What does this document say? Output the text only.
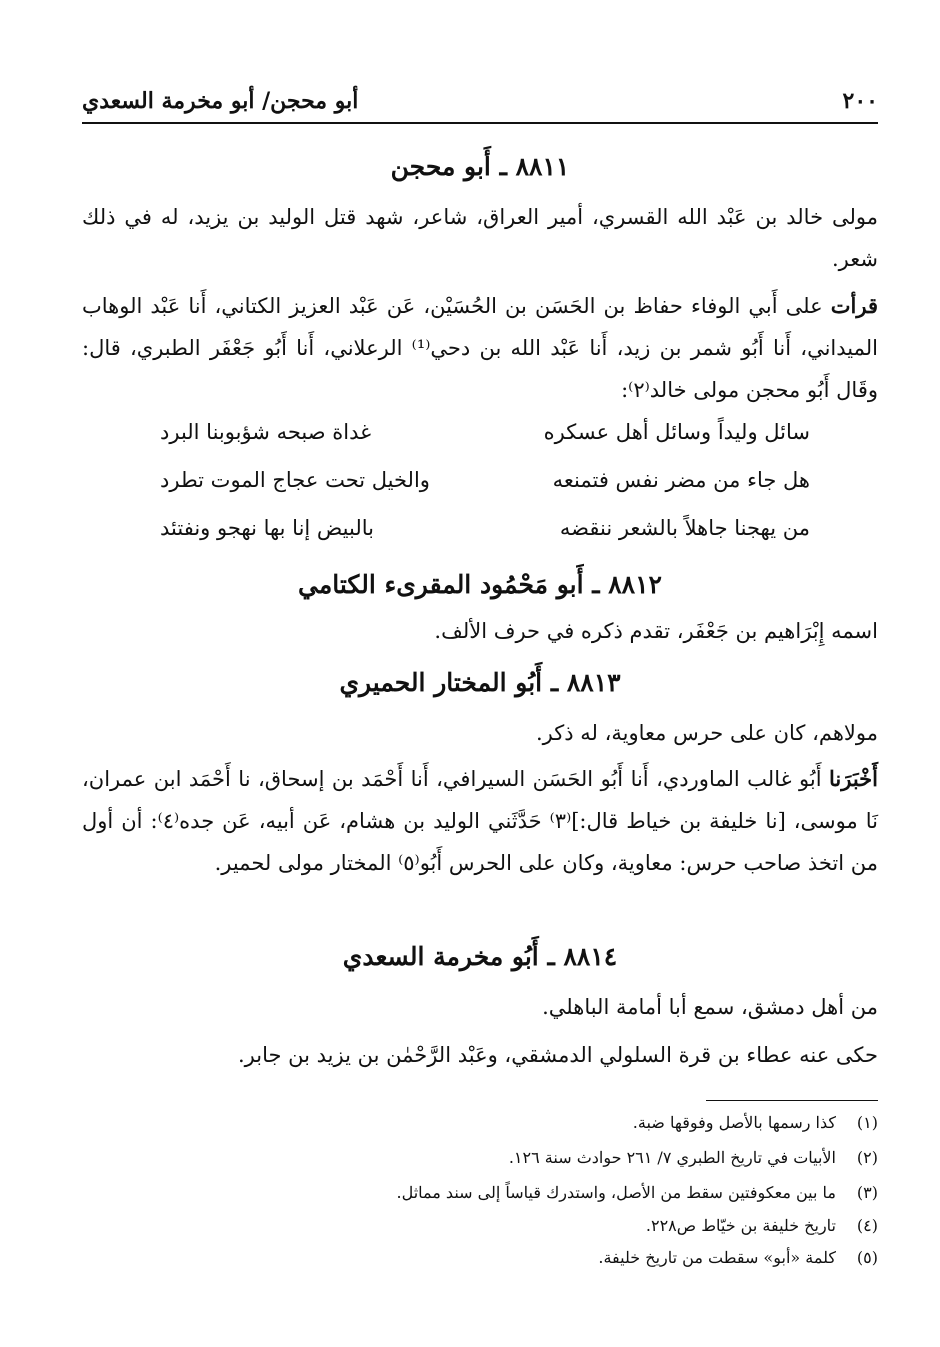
٢٠٠
أبو محجن/ أبو مخرمة السعدي
٨٨١١ ـ أَبو محجن

مولى خالد بن عَبْد الله القسري، أمير العراق، شاعر، شهد قتل الوليد بن يزيد، له في ذلك شعر.

قرأت على أَبي الوفاء حفاظ بن الحَسَن بن الحُسَيْن، عَن عَبْد العزيز الكتاني، أَنا عَبْد الوهاب الميداني، أَنا أَبُو شمر بن زيد، أَنا عَبْد الله بن دحي⁽¹⁾ الرعلاني، أَنا أَبُو جَعْفَر الطبري، قال: وقَال أَبُو محجن مولى خالد⁽٢⁾:

سائل وليداً وسائل أهل عسكره
غداة صبحه شؤبوبنا البرد
هل جاء من مضر نفس فتمنعه
والخيل تحت عجاج الموت تطرد
من يهجنا جاهلاً بالشعر ننقضه
بالبيض إنا بها نهجو ونفتئد
٨٨١٢ ـ أَبو مَحْمُود المقرىء الكتامي

اسمه إِبْرَاهيم بن جَعْفَر، تقدم ذكره في حرف الألف.

٨٨١٣ ـ أَبُو المختار الحميري

مولاهم، كان على حرس معاوية، له ذكر.

أَخْبَرَنا أَبُو غالب الماوردي، أَنا أَبُو الحَسَن السيرافي، أَنا أَحْمَد بن إسحاق، نا أَحْمَد ابن عمران، نَا موسى، [نا خليفة بن خياط قال:]⁽٣⁾ حَدَّثَني الوليد بن هشام، عَن أبيه، عَن جده⁽٤⁾: أن أول من اتخذ صاحب حرس: معاوية، وكان على الحرس أَبُو⁽٥⁾ المختار مولى لحمير.

٨٨١٤ ـ أَبُو مخرمة السعدي

من أهل دمشق، سمع أبا أمامة الباهلي.

حكى عنه عطاء بن قرة السلولي الدمشقي، وعَبْد الرَّحْمٰن بن يزيد بن جابر.

(١)
كذا رسمها بالأصل وفوقها ضبة.
(٢)
الأبيات في تاريخ الطبري ٧/ ٢٦١ حوادث سنة ١٢٦.
(٣)
ما بين معكوفتين سقط من الأصل، واستدرك قياساً إلى سند مماثل.
(٤)
تاريخ خليفة بن خيّاط ص٢٢٨.
(٥)
كلمة «أبو» سقطت من تاريخ خليفة.
